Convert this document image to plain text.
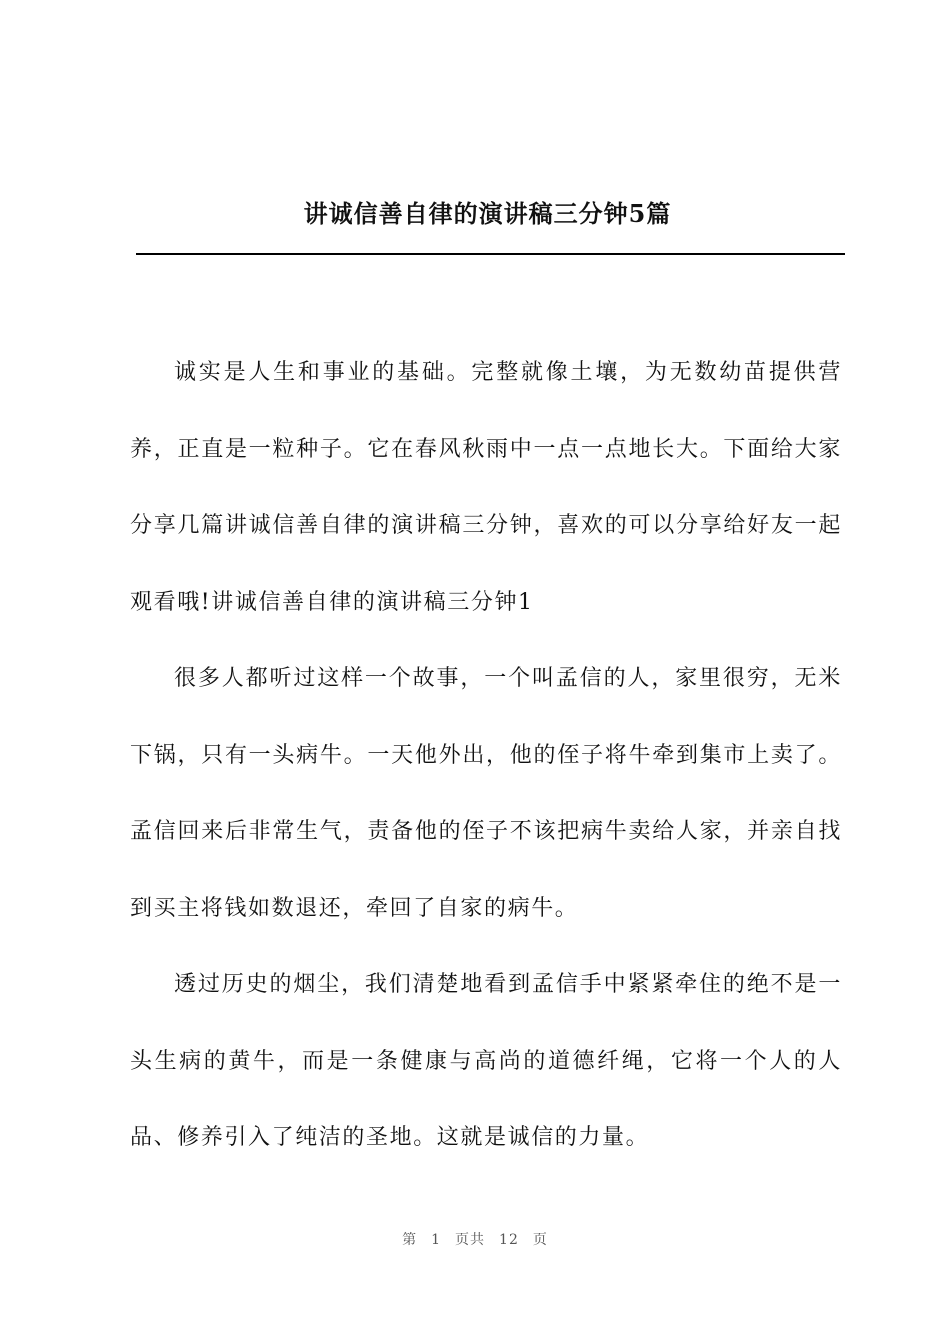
讲诚信善自律的演讲稿三分钟5篇

诚实是人生和事业的基础。完整就像土壤，为无数幼苗提供营养，正直是一粒种子。它在春风秋雨中一点一点地长大。下面给大家分享几篇讲诚信善自律的演讲稿三分钟，喜欢的可以分享给好友一起观看哦!讲诚信善自律的演讲稿三分钟1

很多人都听过这样一个故事，一个叫孟信的人，家里很穷，无米下锅，只有一头病牛。一天他外出，他的侄子将牛牵到集市上卖了。孟信回来后非常生气，责备他的侄子不该把病牛卖给人家，并亲自找到买主将钱如数退还，牵回了自家的病牛。

透过历史的烟尘，我们清楚地看到孟信手中紧紧牵住的绝不是一头生病的黄牛，而是一条健康与高尚的道德纤绳，它将一个人的人品、修养引入了纯洁的圣地。这就是诚信的力量。

第 1 页共 12 页
